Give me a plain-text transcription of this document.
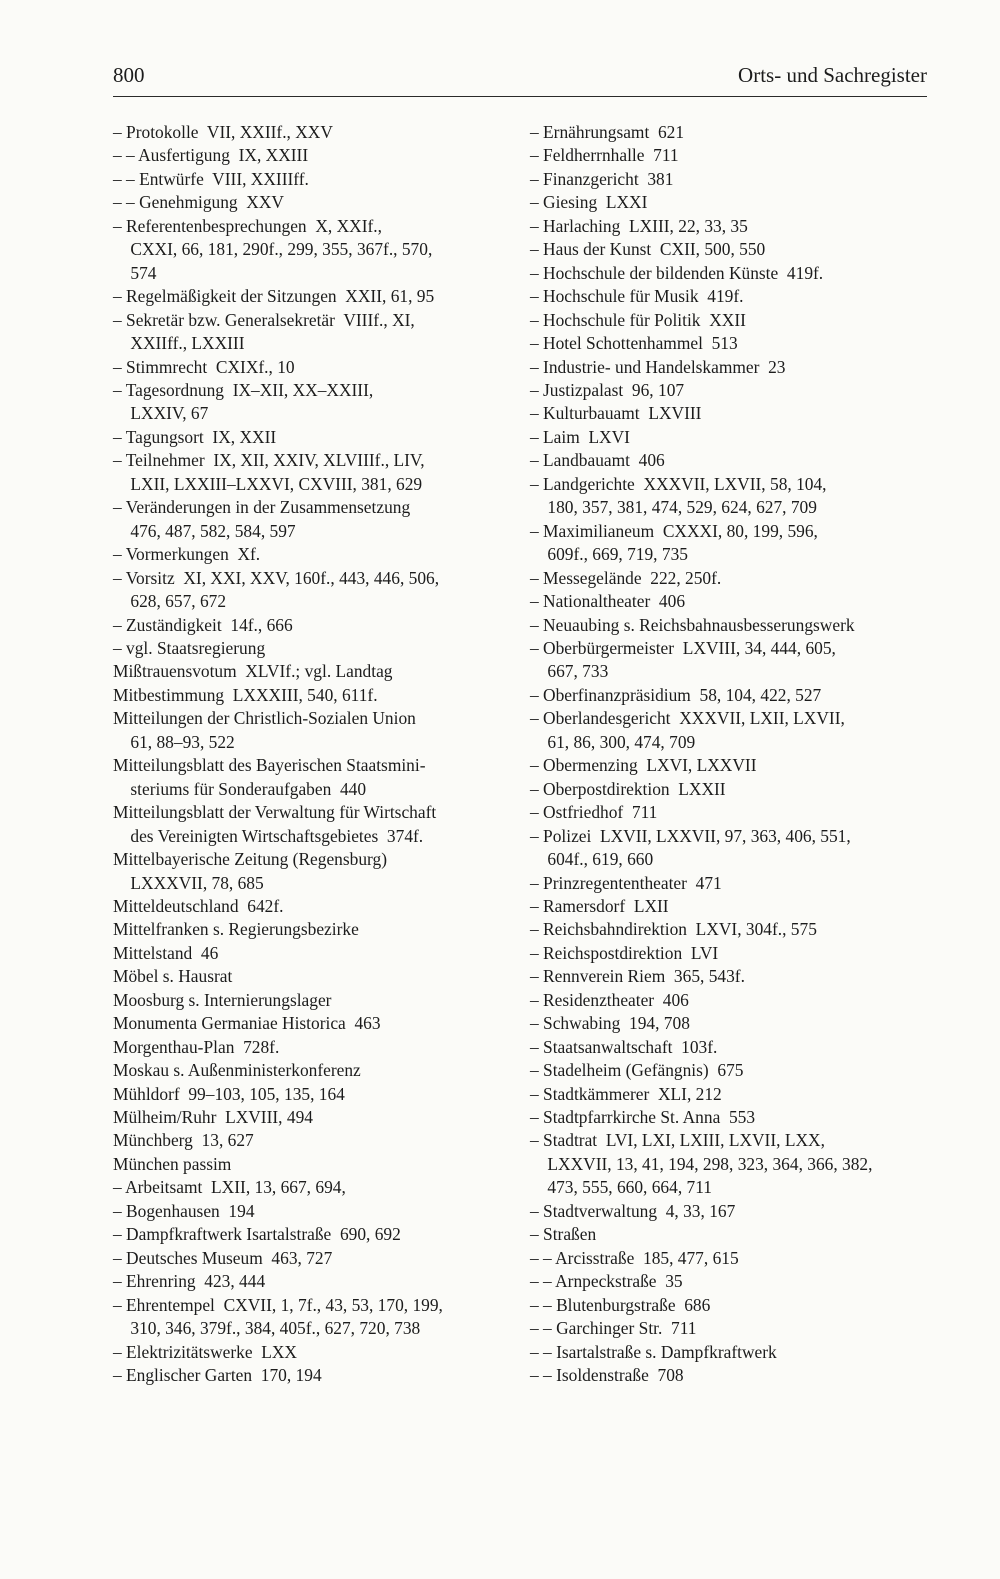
800	Orts- und Sachregister
– Protokolle  VII, XXIIf., XXV
– – Ausfertigung  IX, XXIII
– – Entwürfe  VIII, XXIIIff.
– – Genehmigung  XXV
– Referentenbesprechungen  X, XXIf.,
CXXI, 66, 181, 290f., 299, 355, 367f., 570,
574
– Regelmäßigkeit der Sitzungen  XXII, 61, 95
– Sekretär bzw. Generalsekretär  VIIIf., XI,
XXIIff., LXXIII
– Stimmrecht  CXIXf., 10
– Tagesordnung  IX–XII, XX–XXIII,
LXXIV, 67
– Tagungsort  IX, XXII
– Teilnehmer  IX, XII, XXIV, XLVIIIf., LIV,
LXII, LXXIII–LXXVI, CXVIII, 381, 629
– Veränderungen in der Zusammensetzung
476, 487, 582, 584, 597
– Vormerkungen  Xf.
– Vorsitz  XI, XXI, XXV, 160f., 443, 446, 506,
628, 657, 672
– Zuständigkeit  14f., 666
– vgl. Staatsregierung
Mißtrauensvotum  XLVIf.; vgl. Landtag
Mitbestimmung  LXXXIII, 540, 611f.
Mitteilungen der Christlich-Sozialen Union
61, 88–93, 522
Mitteilungsblatt des Bayerischen Staatsmini-
steriums für Sonderaufgaben  440
Mitteilungsblatt der Verwaltung für Wirtschaft
des Vereinigten Wirtschaftsgebietes  374f.
Mittelbayerische Zeitung (Regensburg)
LXXXVII, 78, 685
Mitteldeutschland  642f.
Mittelfranken s. Regierungsbezirke
Mittelstand  46
Möbel s. Hausrat
Moosburg s. Internierungslager
Monumenta Germaniae Historica  463
Morgenthau-Plan  728f.
Moskau s. Außenministerkonferenz
Mühldorf  99–103, 105, 135, 164
Mülheim/Ruhr  LXVIII, 494
Münchberg  13, 627
München passim
– Arbeitsamt  LXII, 13, 667, 694,
– Bogenhausen  194
– Dampfkraftwerk Isartalstraße  690, 692
– Deutsches Museum  463, 727
– Ehrenring  423, 444
– Ehrentempel  CXVII, 1, 7f., 43, 53, 170, 199,
310, 346, 379f., 384, 405f., 627, 720, 738
– Elektrizitätswerke  LXX
– Englischer Garten  170, 194
– Ernährungsamt  621
– Feldherrnhalle  711
– Finanzgericht  381
– Giesing  LXXI
– Harlaching  LXIII, 22, 33, 35
– Haus der Kunst  CXII, 500, 550
– Hochschule der bildenden Künste  419f.
– Hochschule für Musik  419f.
– Hochschule für Politik  XXII
– Hotel Schottenhammel  513
– Industrie- und Handelskammer  23
– Justizpalast  96, 107
– Kulturbauamt  LXVIII
– Laim  LXVI
– Landbauamt  406
– Landgerichte  XXXVII, LXVII, 58, 104,
180, 357, 381, 474, 529, 624, 627, 709
– Maximilianeum  CXXXI, 80, 199, 596,
609f., 669, 719, 735
– Messegelände  222, 250f.
– Nationaltheater  406
– Neuaubing s. Reichsbahnausbesserungswerk
– Oberbürgermeister  LXVIII, 34, 444, 605,
667, 733
– Oberfinanzpräsidium  58, 104, 422, 527
– Oberlandesgericht  XXXVII, LXII, LXVII,
61, 86, 300, 474, 709
– Obermenzing  LXVI, LXXVII
– Oberpostdirektion  LXXII
– Ostfriedhof  711
– Polizei  LXVII, LXXVII, 97, 363, 406, 551,
604f., 619, 660
– Prinzregententheater  471
– Ramersdorf  LXII
– Reichsbahndirektion  LXVI, 304f., 575
– Reichspostdirektion  LVI
– Rennverein Riem  365, 543f.
– Residenztheater  406
– Schwabing  194, 708
– Staatsanwaltschaft  103f.
– Stadelheim (Gefängnis)  675
– Stadtkämmerer  XLI, 212
– Stadtpfarrkirche St. Anna  553
– Stadtrat  LVI, LXI, LXIII, LXVII, LXX,
LXXVII, 13, 41, 194, 298, 323, 364, 366, 382,
473, 555, 660, 664, 711
– Stadtverwaltung  4, 33, 167
– Straßen
– – Arcisstraße  185, 477, 615
– – Arnpeckstraße  35
– – Blutenburgstraße  686
– – Garchinger Str.  711
– – Isartalstraße s. Dampfkraftwerk
– – Isoldenstraße  708
